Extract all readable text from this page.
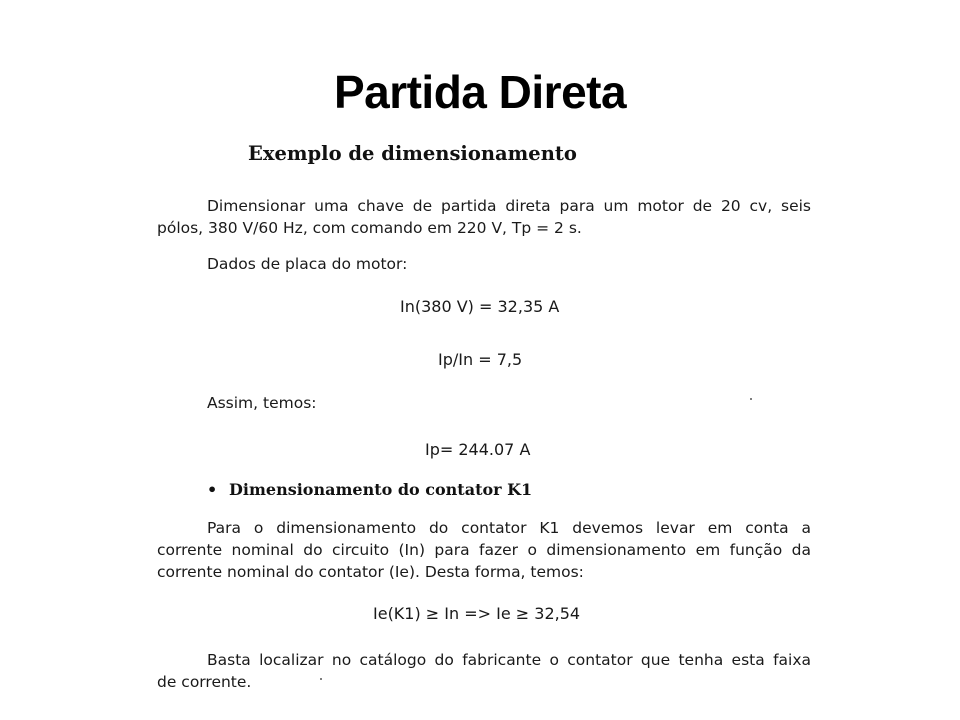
Partida Direta
Exemplo de dimensionamento
Dimensionar uma chave de partida direta para um motor de 20 cv, seis
pólos, 380 V/60 Hz, com comando em 220 V, Tp = 2 s.
Dados de placa do motor:
In(380 V) = 32,35 A
Ip/In = 7,5
Assim, temos:
Ip= 244.07 A
• Dimensionamento do contator K1
Para o dimensionamento do contator K1 devemos levar em conta a
corrente nominal do circuito (In) para fazer o dimensionamento em função da
corrente nominal do contator (Ie). Desta forma, temos:
Ie(K1) ≥ In => Ie ≥ 32,54
Basta localizar no catálogo do fabricante o contator que tenha esta faixa
de corrente.
